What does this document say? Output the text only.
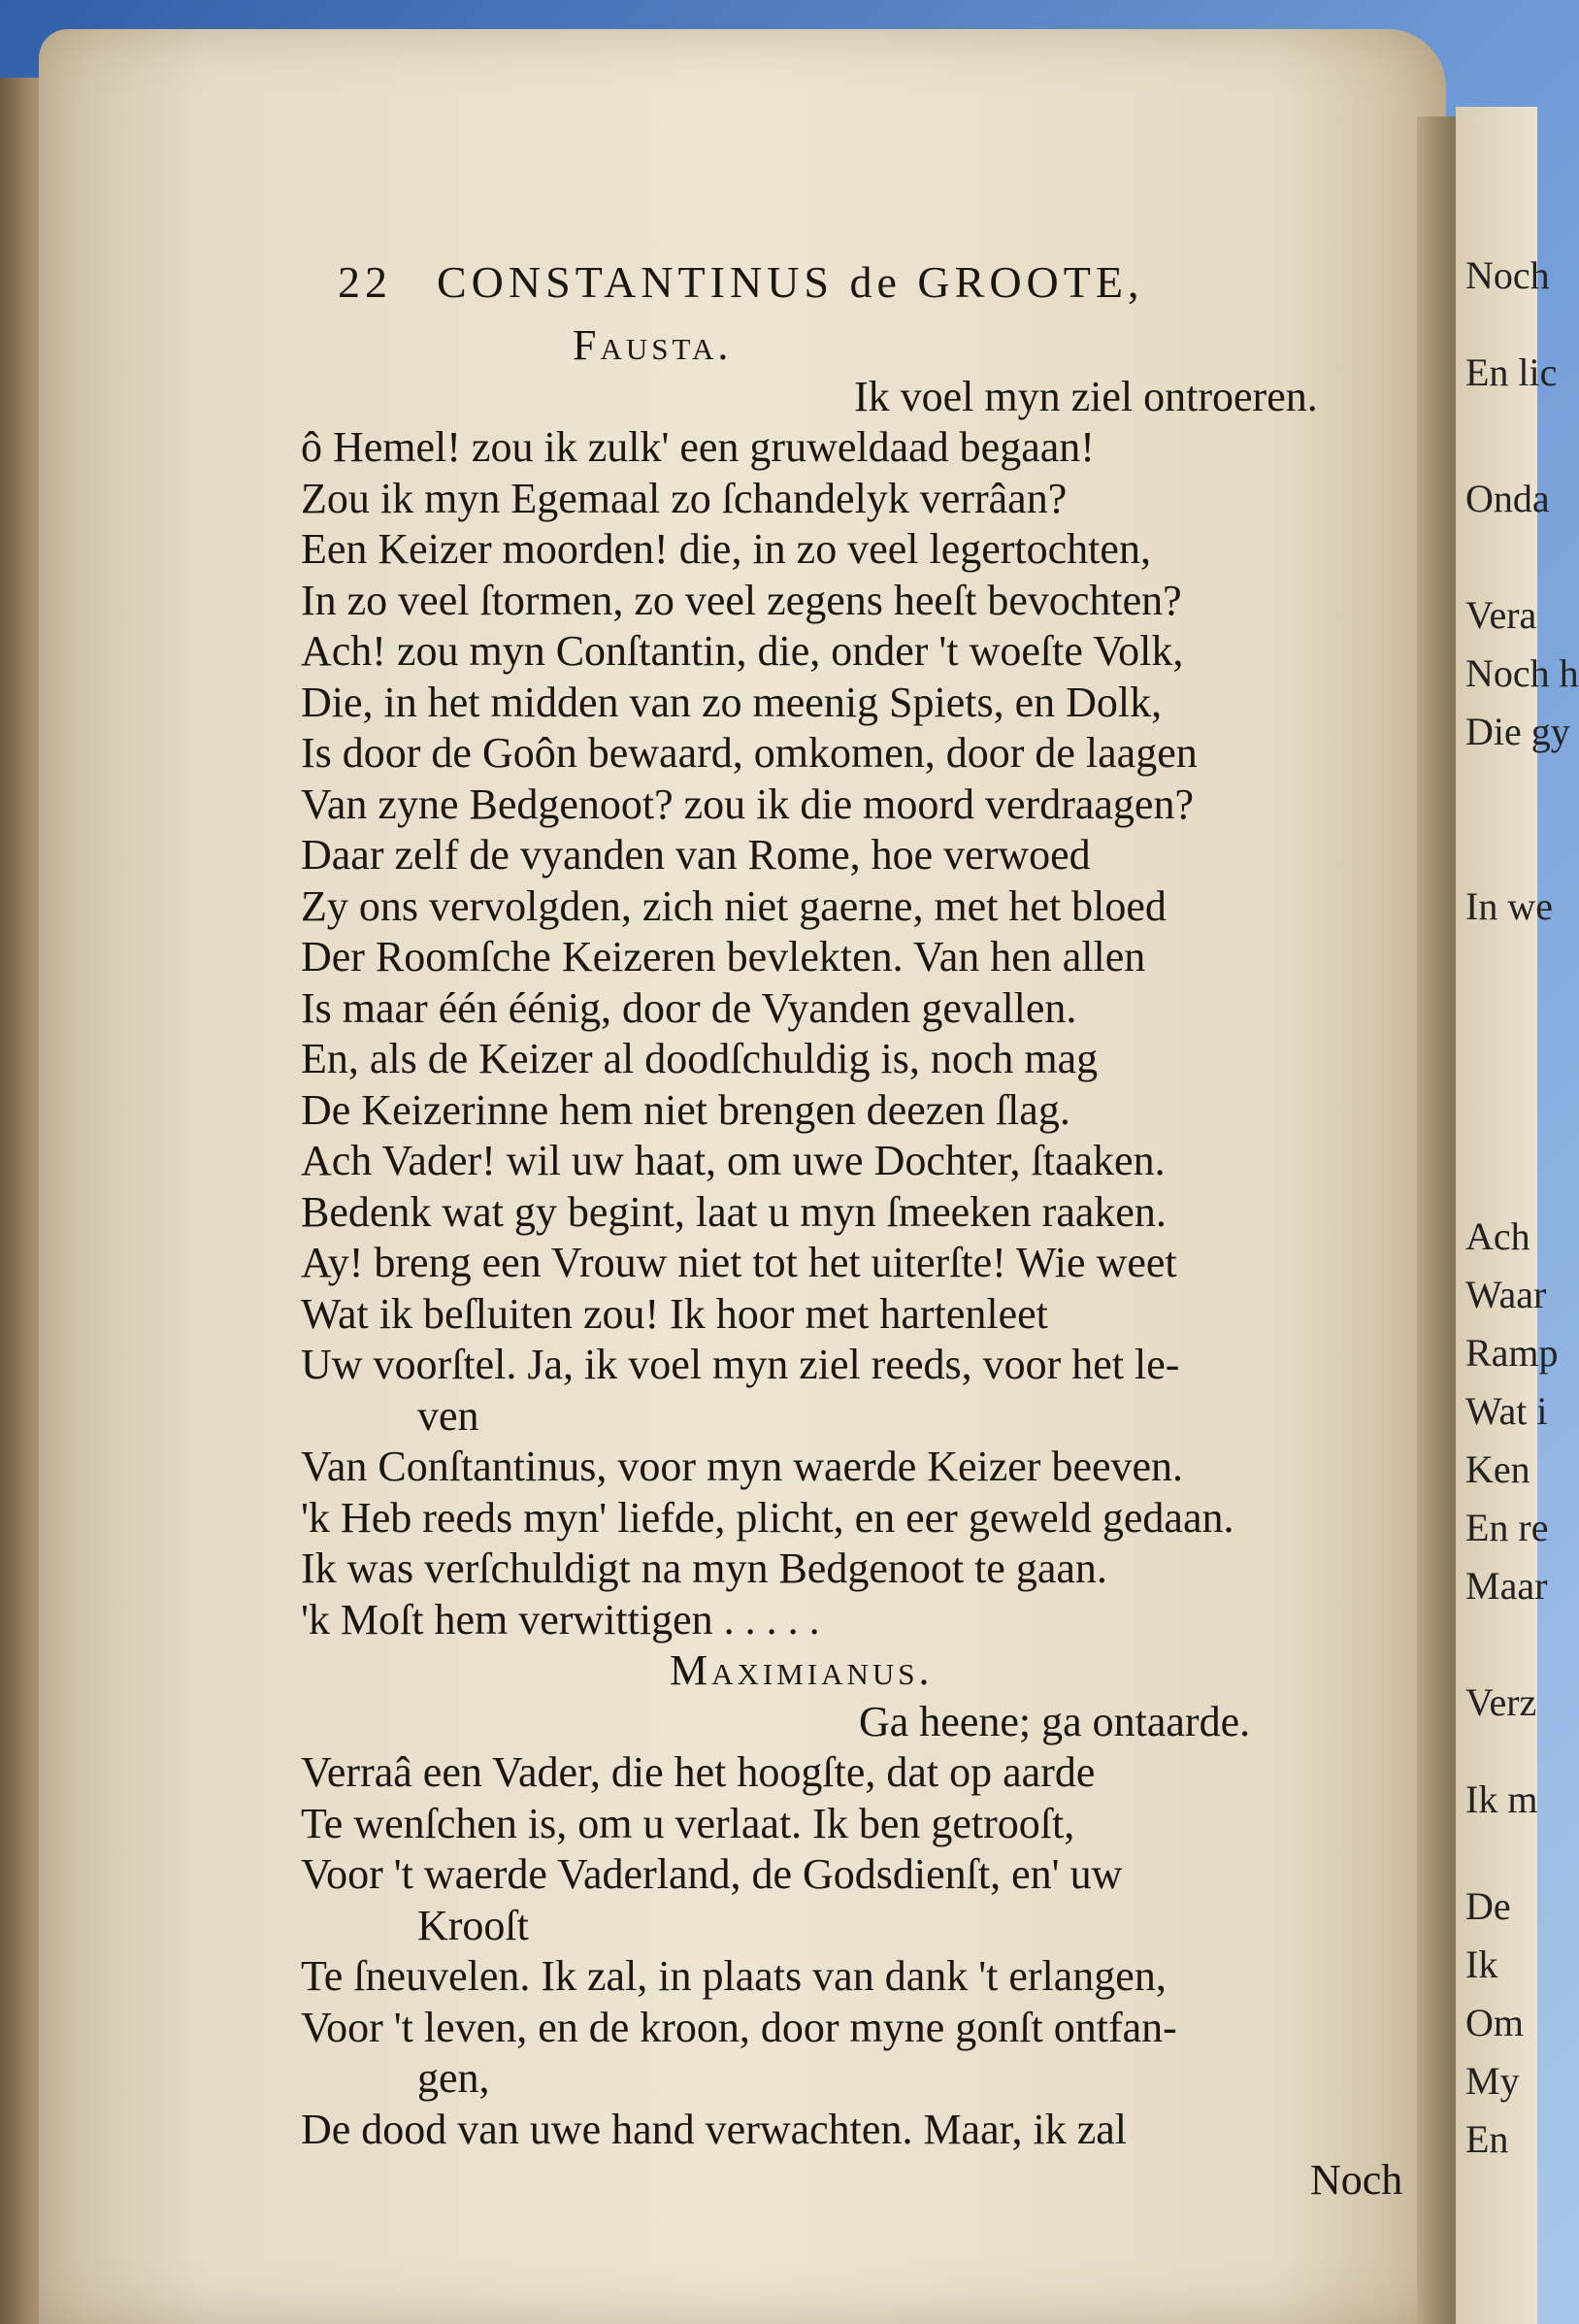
Noch
En lic
Onda
Vera
Noch h
Die gy
In we
Ach
Waar
Ramp
Wat i
Ken
En re
Maar
Verz
Ik m
De
Ik
Om
My
En
22 CONSTANTINUS de GROOTE,
Fausta.
Ik voel myn ziel ontroeren.
ô Hemel! zou ik zulk' een gruweldaad begaan!
Zou ik myn Egemaal zo ſchandelyk verrâan?
Een Keizer moorden! die, in zo veel legertochten,
In zo veel ſtormen, zo veel zegens heeſt bevochten?
Ach! zou myn Conſtantin, die, onder 't woeſte Volk,
Die, in het midden van zo meenig Spiets, en Dolk,
Is door de Goôn bewaard, omkomen, door de laagen
Van zyne Bedgenoot? zou ik die moord verdraagen?
Daar zelf de vyanden van Rome, hoe verwoed
Zy ons vervolgden, zich niet gaerne, met het bloed
Der Roomſche Keizeren bevlekten. Van hen allen
Is maar één éénig, door de Vyanden gevallen.
En, als de Keizer al doodſchuldig is, noch mag
De Keizerinne hem niet brengen deezen ſlag.
Ach Vader! wil uw haat, om uwe Dochter, ſtaaken.
Bedenk wat gy begint, laat u myn ſmeeken raaken.
Ay! breng een Vrouw niet tot het uiterſte! Wie weet
Wat ik beſluiten zou! Ik hoor met hartenleet
Uw voorſtel. Ja, ik voel myn ziel reeds, voor het le-
ven
Van Conſtantinus, voor myn waerde Keizer beeven.
'k Heb reeds myn' liefde, plicht, en eer geweld gedaan.
Ik was verſchuldigt na myn Bedgenoot te gaan.
'k Moſt hem verwittigen . . . . .
Maximianus.
Ga heene; ga ontaarde.
Verraâ een Vader, die het hoogſte, dat op aarde
Te wenſchen is, om u verlaat. Ik ben getrooſt,
Voor 't waerde Vaderland, de Godsdienſt, en' uw
Krooſt
Te ſneuvelen. Ik zal, in plaats van dank 't erlangen,
Voor 't leven, en de kroon, door myne gonſt ontfan-
gen,
De dood van uwe hand verwachten. Maar, ik zal
Noch
